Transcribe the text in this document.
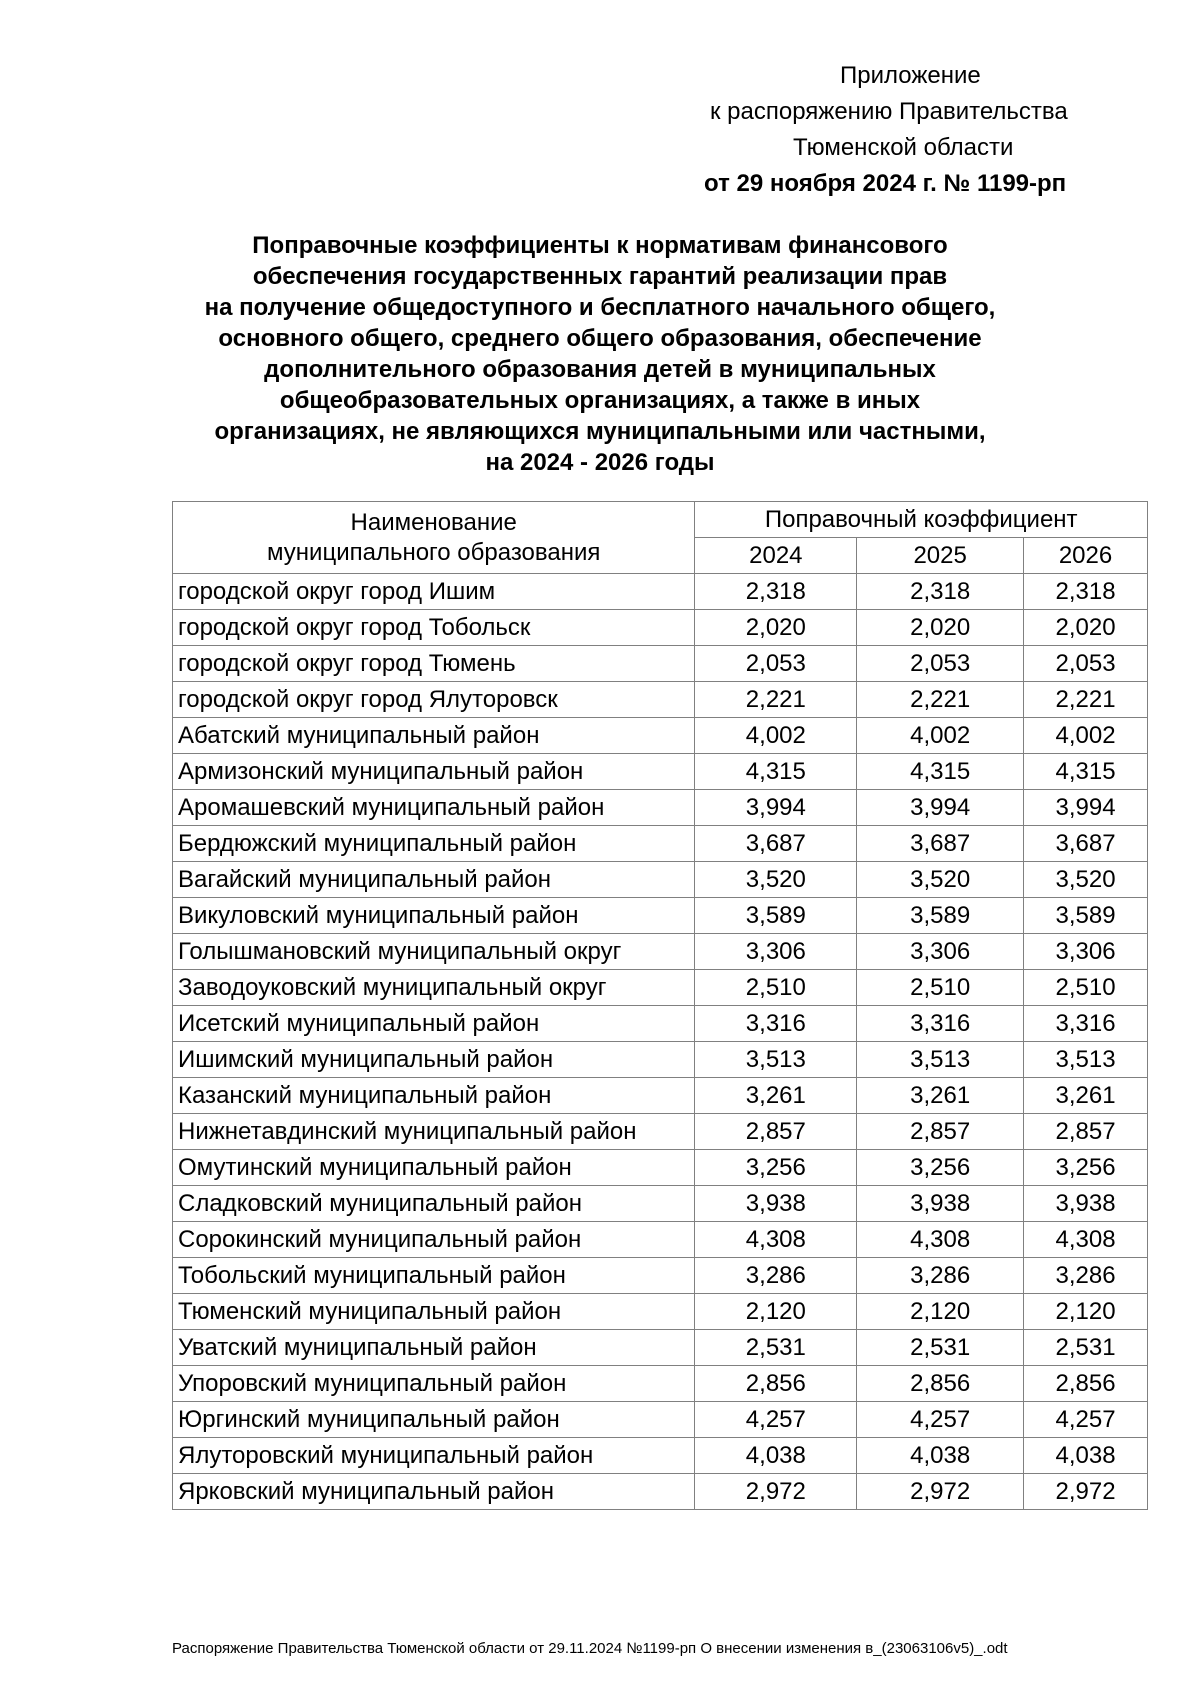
Приложение
к распоряжению Правительства
Тюменской области
от 29 ноября 2024 г. № 1199-рп
Поправочные коэффициенты к нормативам финансового
обеспечения государственных гарантий реализации прав
на получение общедоступного и бесплатного начального общего,
основного общего, среднего общего образования, обеспечение
дополнительного образования детей в муниципальных
общеобразовательных организациях, а также в иных
организациях, не являющихся муниципальными или частными,
на 2024 - 2026 годы
Наименование
муниципального образования	Поправочный коэффициент		
	2024	2025	2026
городской округ город Ишим	2,318	2,318	2,318
городской округ город Тобольск	2,020	2,020	2,020
городской округ город Тюмень	2,053	2,053	2,053
городской округ город Ялуторовск	2,221	2,221	2,221
Абатский муниципальный район	4,002	4,002	4,002
Армизонский муниципальный район	4,315	4,315	4,315
Аромашевский муниципальный район	3,994	3,994	3,994
Бердюжский муниципальный район	3,687	3,687	3,687
Вагайский муниципальный район	3,520	3,520	3,520
Викуловский муниципальный район	3,589	3,589	3,589
Голышмановский муниципальный округ	3,306	3,306	3,306
Заводоуковский муниципальный округ	2,510	2,510	2,510
Исетский муниципальный район	3,316	3,316	3,316
Ишимский муниципальный район	3,513	3,513	3,513
Казанский муниципальный район	3,261	3,261	3,261
Нижнетавдинский муниципальный район	2,857	2,857	2,857
Омутинский муниципальный район	3,256	3,256	3,256
Сладковский муниципальный район	3,938	3,938	3,938
Сорокинский муниципальный район	4,308	4,308	4,308
Тобольский муниципальный район	3,286	3,286	3,286
Тюменский муниципальный район	2,120	2,120	2,120
Уватский муниципальный район	2,531	2,531	2,531
Упоровский муниципальный район	2,856	2,856	2,856
Юргинский муниципальный район	4,257	4,257	4,257
Ялуторовский муниципальный район	4,038	4,038	4,038
Ярковский муниципальный район	2,972	2,972	2,972
Распоряжение Правительства Тюменской области от 29.11.2024 №1199-рп О внесении изменения в_(23063106v5)_.odt
